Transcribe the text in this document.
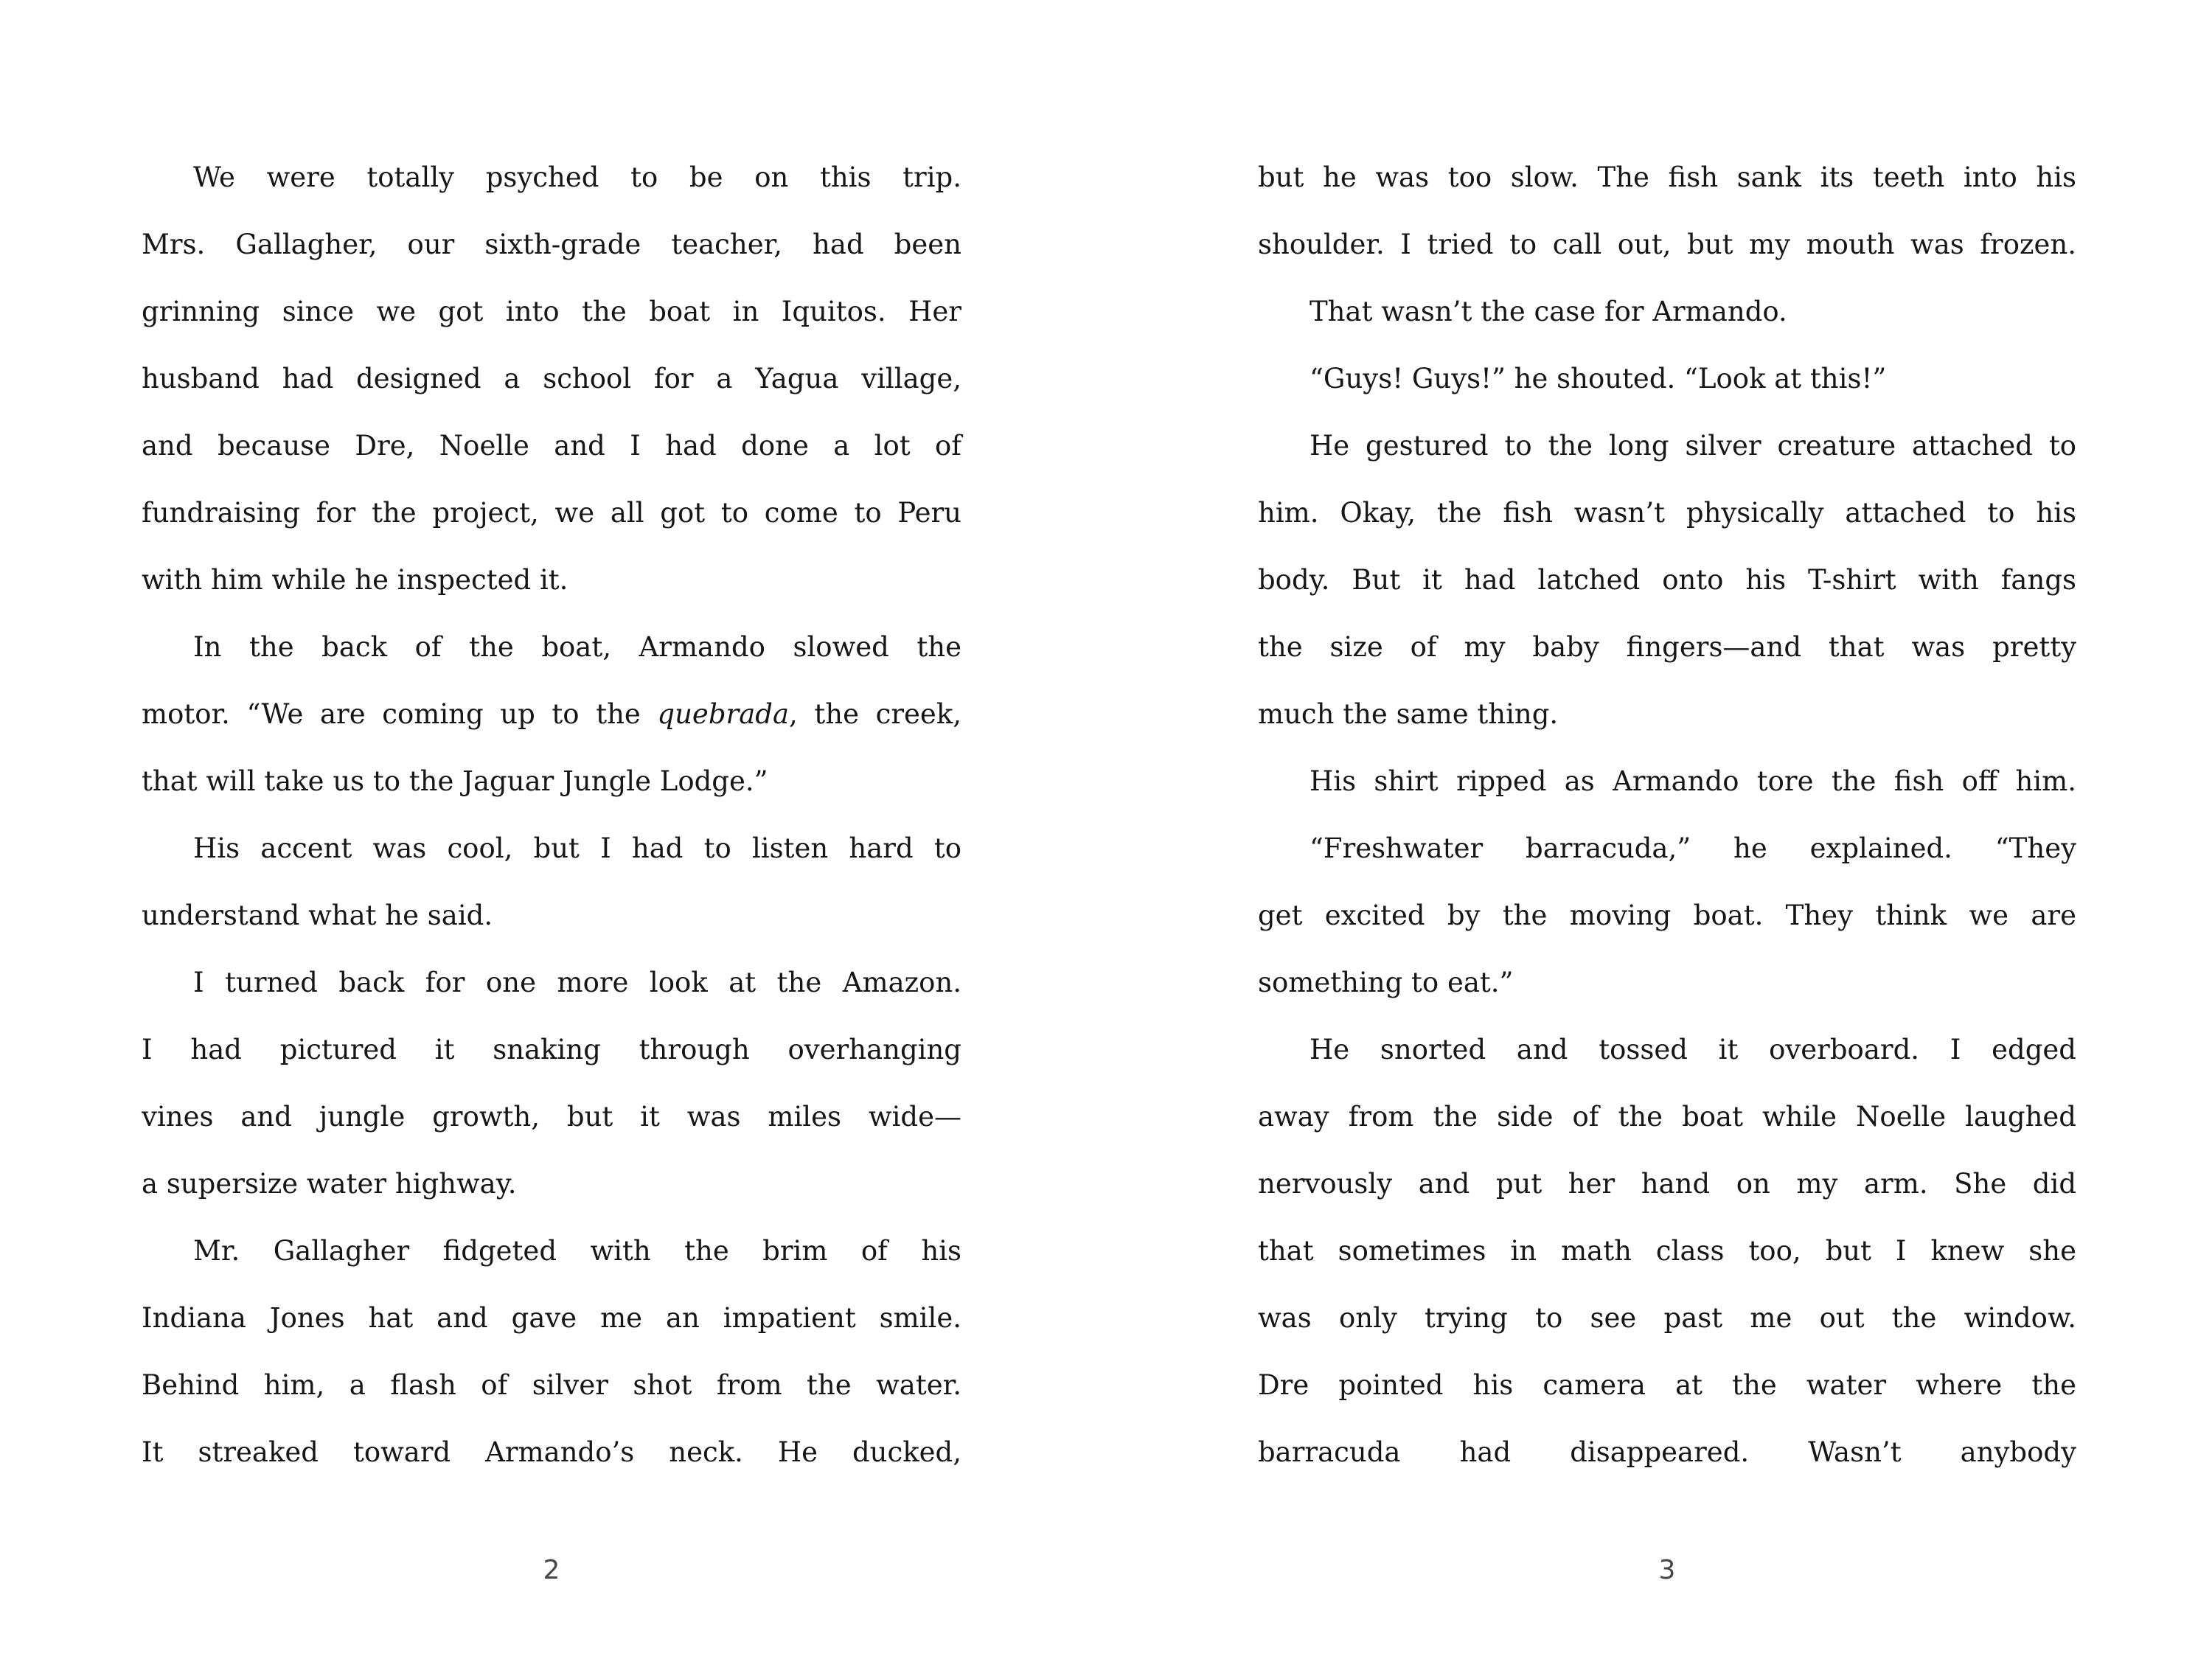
We were totally psyched to be on this trip.
Mrs. Gallagher, our sixth-grade teacher, had been
grinning since we got into the boat in Iquitos. Her
husband had designed a school for a Yagua village,
and because Dre, Noelle and I had done a lot of
fundraising for the project, we all got to come to Peru
with him while he inspected it.
In the back of the boat, Armando slowed the
motor. “We are coming up to the quebrada, the creek,
that will take us to the Jaguar Jungle Lodge.”
His accent was cool, but I had to listen hard to
understand what he said.
I turned back for one more look at the Amazon.
I had pictured it snaking through overhanging
vines and jungle growth, but it was miles wide—
a supersize water highway.
Mr. Gallagher fidgeted with the brim of his
Indiana Jones hat and gave me an impatient smile.
Behind him, a flash of silver shot from the water.
It streaked toward Armando’s neck. He ducked,
2
but he was too slow. The fish sank its teeth into his
shoulder. I tried to call out, but my mouth was frozen.
That wasn’t the case for Armando.
“Guys! Guys!” he shouted. “Look at this!”
He gestured to the long silver creature attached to
him. Okay, the fish wasn’t physically attached to his
body. But it had latched onto his T-shirt with fangs
the size of my baby fingers—and that was pretty
much the same thing.
His shirt ripped as Armando tore the fish off him.
“Freshwater barracuda,” he explained. “They
get excited by the moving boat. They think we are
something to eat.”
He snorted and tossed it overboard. I edged
away from the side of the boat while Noelle laughed
nervously and put her hand on my arm. She did
that sometimes in math class too, but I knew she
was only trying to see past me out the window.
Dre pointed his camera at the water where the
barracuda had disappeared. Wasn’t anybody
3
